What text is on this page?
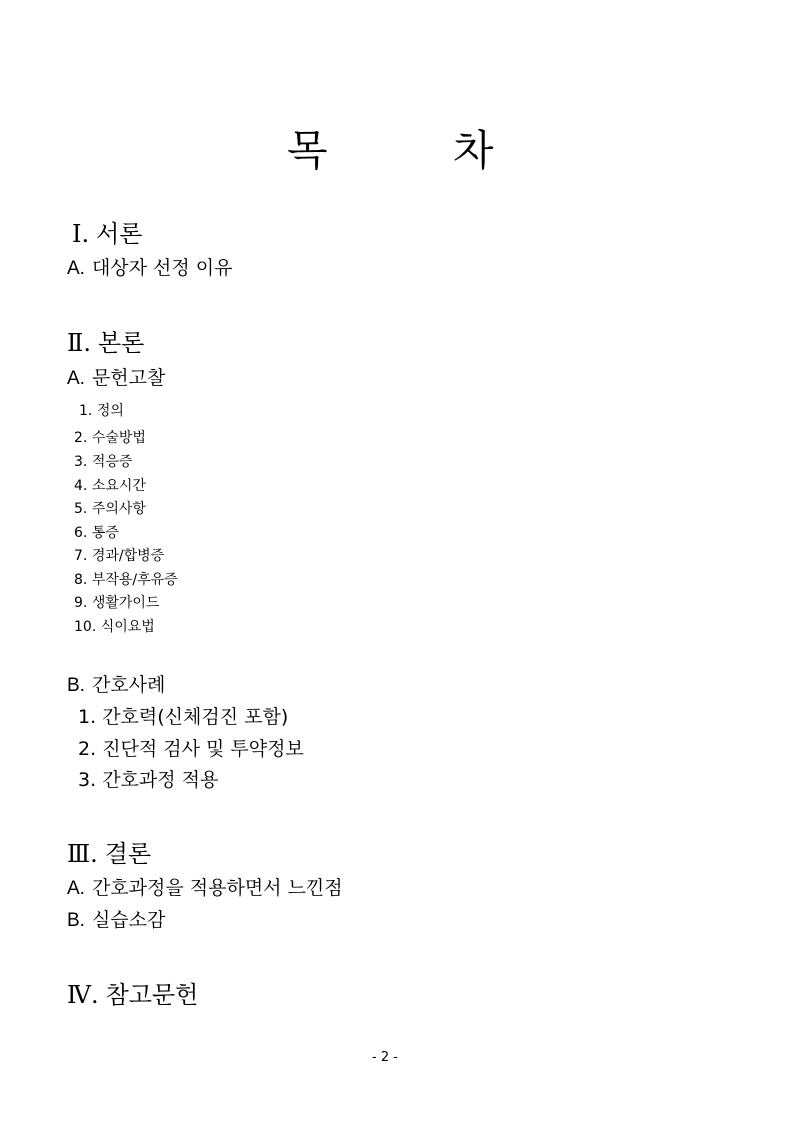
목	차
Ⅰ. 서론
A. 대상자 선정 이유
Ⅱ. 본론
A. 문헌고찰
1. 정의
2. 수술방법
3. 적응증
4. 소요시간
5. 주의사항
6. 통증
7. 경과/합병증
8. 부작용/후유증
9. 생활가이드
10. 식이요법
B. 간호사례
1. 간호력(신체검진 포함)
2. 진단적 검사 및 투약정보
3. 간호과정 적용
Ⅲ. 결론
A. 간호과정을 적용하면서 느낀점
B. 실습소감
Ⅳ. 참고문헌
- 2 -
